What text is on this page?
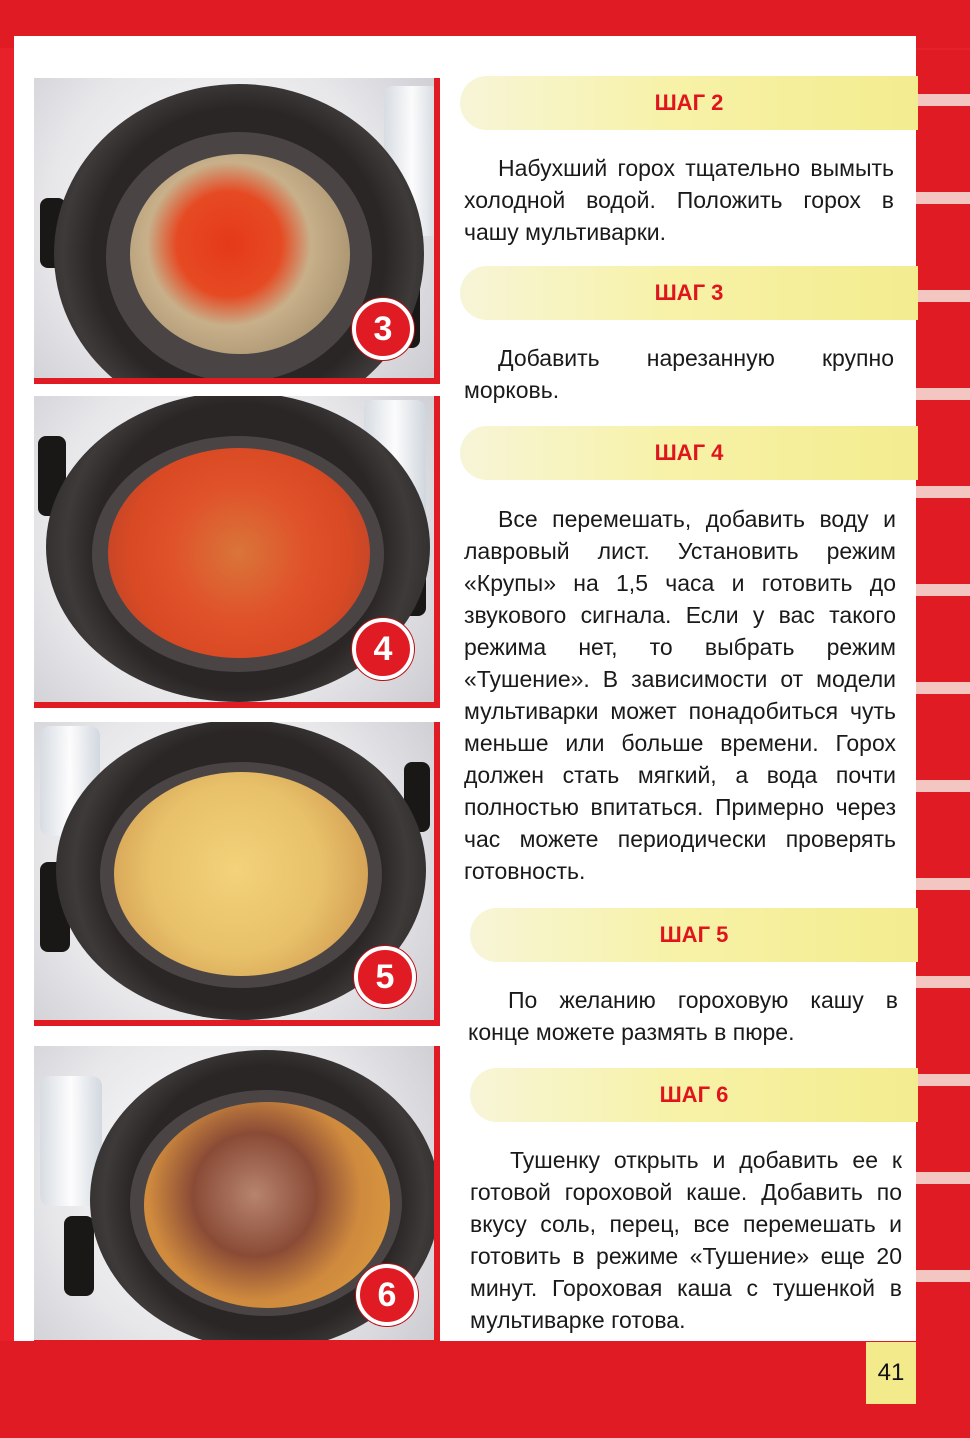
3
4
5
6
ШАГ 2

Набухший горох тщательно вымыть холодной водой. Положить горох в чашу мультиварки.

ШАГ 3

Добавить нарезанную крупно морковь.

ШАГ 4

Все перемешать, добавить воду и лавровый лист. Установить режим «Крупы» на 1,5 часа и готовить до звукового сигнала. Если у вас такого режима нет, то выбрать режим «Тушение». В зависимости от модели мультиварки может понадобиться чуть меньше или больше времени. Горох должен стать мягкий, а вода почти полностью впитаться. Примерно через час можете периодически проверять готовность.

ШАГ 5

По желанию гороховую кашу в конце можете размять в пюре.

ШАГ 6

Тушенку открыть и добавить ее к готовой гороховой каше. Добавить по вкусу соль, перец, все перемешать и готовить в режиме «Тушение» еще 20 минут. Гороховая каша с тушенкой в мультиварке готова.

41
